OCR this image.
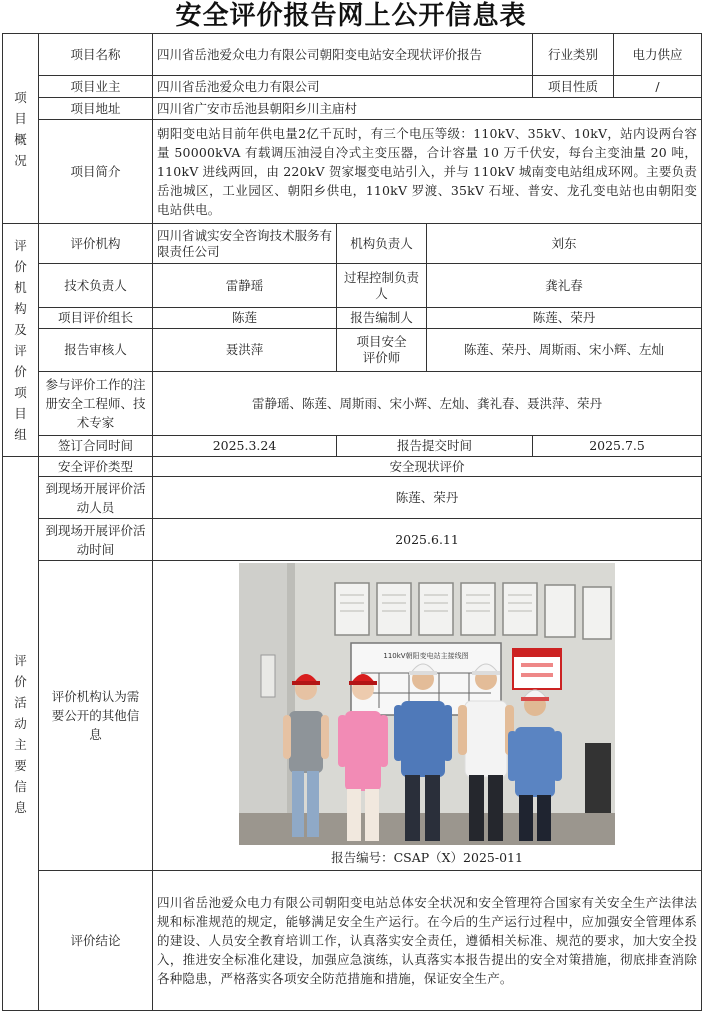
安全评价报告网上公开信息表
项目概况	项目名称	四川省岳池爱众电力有限公司朝阳变电站安全现状评价报告			行业类别	电力供应
	项目业主	四川省岳池爱众电力有限公司			项目性质	/
	项目地址	四川省广安市岳池县朝阳乡川主庙村				
	项目简介	朝阳变电站目前年供电量2亿千瓦时，有三个电压等级：110kV、35kV、10kV，站内设两台容量 50000kVA 有载调压油浸自冷式主变压器，合计容量 10 万千伏安，每台主变油量 20 吨，110kV 进线两回，由 220kV 贺家堰变电站引入，并与 110kV 城南变电站组成环网。主要负责岳池城区，工业园区、朝阳乡供电，110kV 罗渡、35kV 石垭、普安、龙孔变电站也由朝阳变电站供电。				
评价机构及评价项目组	评价机构	四川省诚实安全咨询技术服务有限责任公司	机构负责人	刘东		
	技术负责人	雷静瑶	过程控制负责人	龚礼春		
	项目评价组长	陈莲	报告编制人	陈莲、荣丹		
	报告审核人	聂洪萍	项目安全评价师	陈莲、荣丹、周斯雨、宋小辉、左灿		
	参与评价工作的注册安全工程师、技术专家	雷静瑶、陈莲、周斯雨、宋小辉、左灿、龚礼春、聂洪萍、荣丹				
	签订合同时间	2025.3.24	报告提交时间		2025.7.5	
评价活动主要信息	安全评价类型	安全现状评价				
	到现场开展评价活动人员	陈莲、荣丹				
	到现场开展评价活动时间	2025.6.11				
	评价机构认为需要公开的其他信息	110kV朝阳变电站主接线图
报告编号：CSAP（X）2025-011				

	评价结论	四川省岳池爱众电力有限公司朝阳变电站总体安全状况和安全管理符合国家有关安全生产法律法规和标准规范的规定，能够满足安全生产运行。在今后的生产运行过程中，应加强安全管理体系的建设、人员安全教育培训工作，认真落实安全责任，遵循相关标准、规范的要求，加大安全投入，推进安全标准化建设，加强应急演练，认真落实本报告提出的安全对策措施，彻底排查消除各种隐患，严格落实各项安全防范措施和措施，保证安全生产。				
